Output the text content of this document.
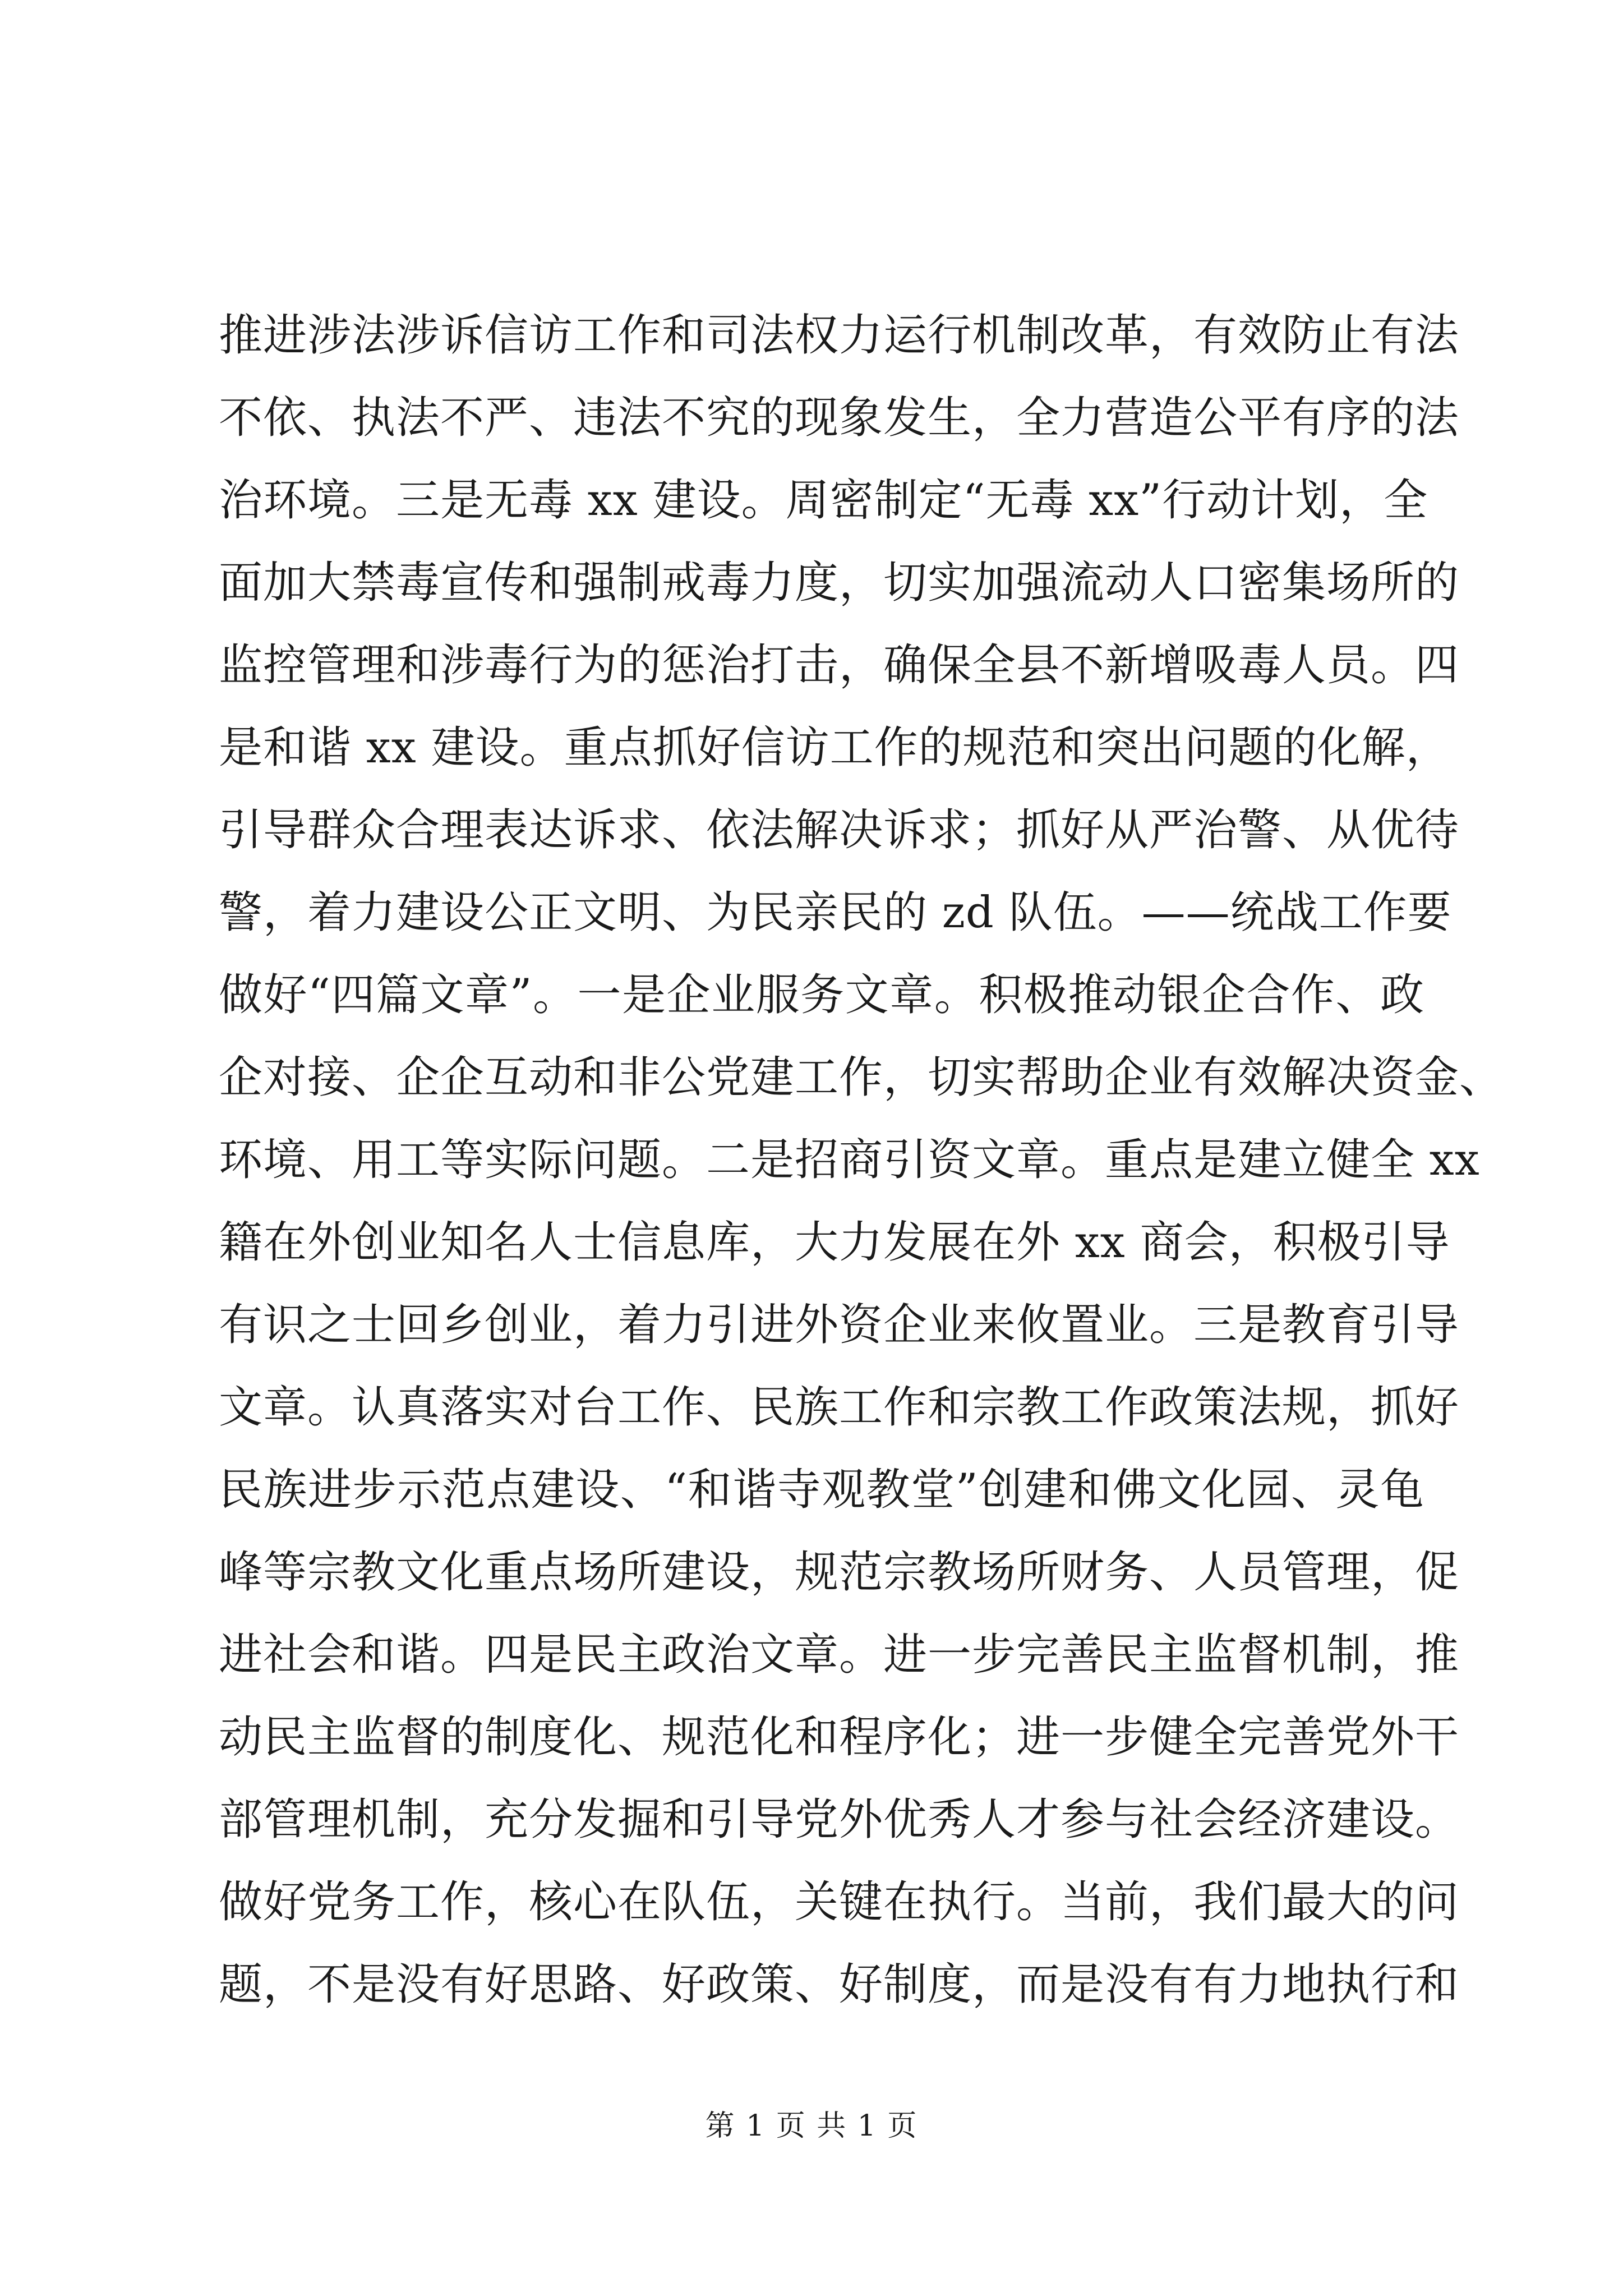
推进涉法涉诉信访工作和司法权力运行机制改革，有效防止有法
不依、执法不严、违法不究的现象发生，全力营造公平有序的法
治环境。三是无毒 xx 建设。周密制定“无毒 xx”行动计划，全
面加大禁毒宣传和强制戒毒力度，切实加强流动人口密集场所的
监控管理和涉毒行为的惩治打击，确保全县不新增吸毒人员。四
是和谐 xx 建设。重点抓好信访工作的规范和突出问题的化解，
引导群众合理表达诉求、依法解决诉求；抓好从严治警、从优待
警，着力建设公正文明、为民亲民的 zd 队伍。——统战工作要
做好“四篇文章”。一是企业服务文章。积极推动银企合作、政
企对接、企企互动和非公党建工作，切实帮助企业有效解决资金、
环境、用工等实际问题。二是招商引资文章。重点是建立健全 xx
籍在外创业知名人士信息库，大力发展在外 xx 商会，积极引导
有识之士回乡创业，着力引进外资企业来攸置业。三是教育引导
文章。认真落实对台工作、民族工作和宗教工作政策法规，抓好
民族进步示范点建设、“和谐寺观教堂”创建和佛文化园、灵龟
峰等宗教文化重点场所建设，规范宗教场所财务、人员管理，促
进社会和谐。四是民主政治文章。进一步完善民主监督机制，推
动民主监督的制度化、规范化和程序化；进一步健全完善党外干
部管理机制，充分发掘和引导党外优秀人才参与社会经济建设。
做好党务工作，核心在队伍，关键在执行。当前，我们最大的问
题，不是没有好思路、好政策、好制度，而是没有有力地执行和
第 1 页 共 1 页
